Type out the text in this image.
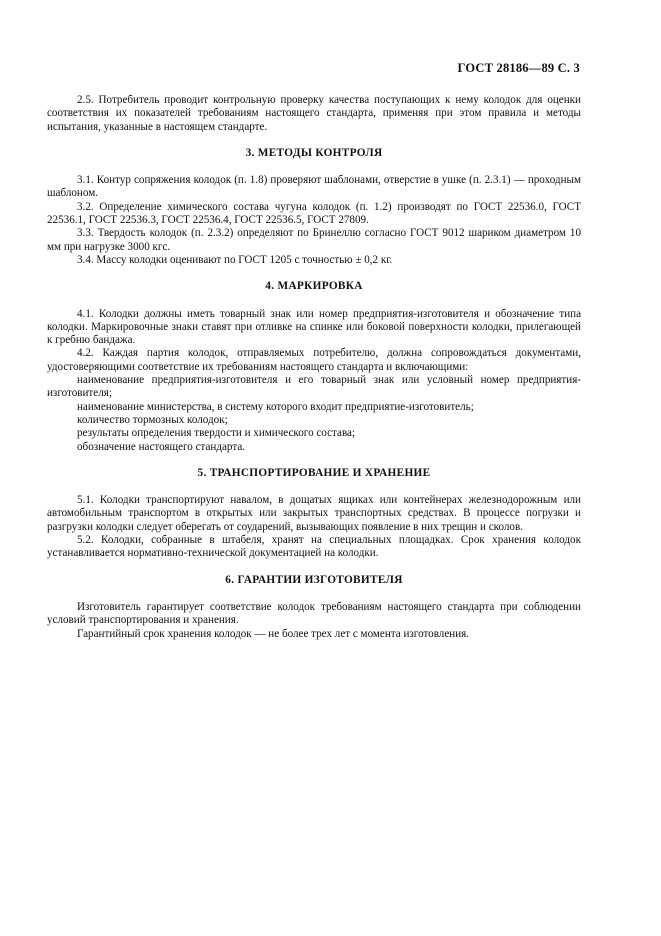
ГОСТ 28186—89 С. 3

2.5. Потребитель проводит контрольную проверку качества поступающих к нему колодок для оценки соответствия их показателей требованиям настоящего стандарта, применяя при этом правила и методы испытания, указанные в настоящем стандарте.

3. МЕТОДЫ КОНТРОЛЯ

3.1. Контур сопряжения колодок (п. 1.8) проверяют шаблонами, отверстие в ушке (п. 2.3.1) — проходным шаблоном.

3.2. Определение химического состава чугуна колодок (п. 1.2) производят по ГОСТ 22536.0, ГОСТ 22536.1, ГОСТ 22536.3, ГОСТ 22536.4, ГОСТ 22536.5, ГОСТ 27809.

3.3. Твердость колодок (п. 2.3.2) определяют по Бринеллю согласно ГОСТ 9012 шариком диаметром 10 мм при нагрузке 3000 кгс.

3.4. Массу колодки оценивают по ГОСТ 1205 с точностью ± 0,2 кг.

4. МАРКИРОВКА

4.1. Колодки должны иметь товарный знак или номер предприятия-изготовителя и обозначение типа колодки. Маркировочные знаки ставят при отливке на спинке или боковой поверхности колодки, прилегающей к гребню бандажа.

4.2. Каждая партия колодок, отправляемых потребителю, должна сопровождаться документами, удостоверяющими соответствие их требованиям настоящего стандарта и включающими:

наименование предприятия-изготовителя и его товарный знак или условный номер предприятия-изготовителя;

наименование министерства, в систему которого входит предприятие-изготовитель;

количество тормозных колодок;

результаты определения твердости и химического состава;

обозначение настоящего стандарта.

5. ТРАНСПОРТИРОВАНИЕ И ХРАНЕНИЕ

5.1. Колодки транспортируют навалом, в дощатых ящиках или контейнерах железнодорожным или автомобильным транспортом в открытых или закрытых транспортных средствах. В процессе погрузки и разгрузки колодки следует оберегать от соударений, вызывающих появление в них трещин и сколов.

5.2. Колодки, собранные в штабеля, хранят на специальных площадках. Срок хранения колодок устанавливается нормативно-технической документацией на колодки.

6. ГАРАНТИИ ИЗГОТОВИТЕЛЯ

Изготовитель гарантирует соответствие колодок требованиям настоящего стандарта при соблюдении условий транспортирования и хранения.

Гарантийный срок хранения колодок — не более трех лет с момента изготовления.
